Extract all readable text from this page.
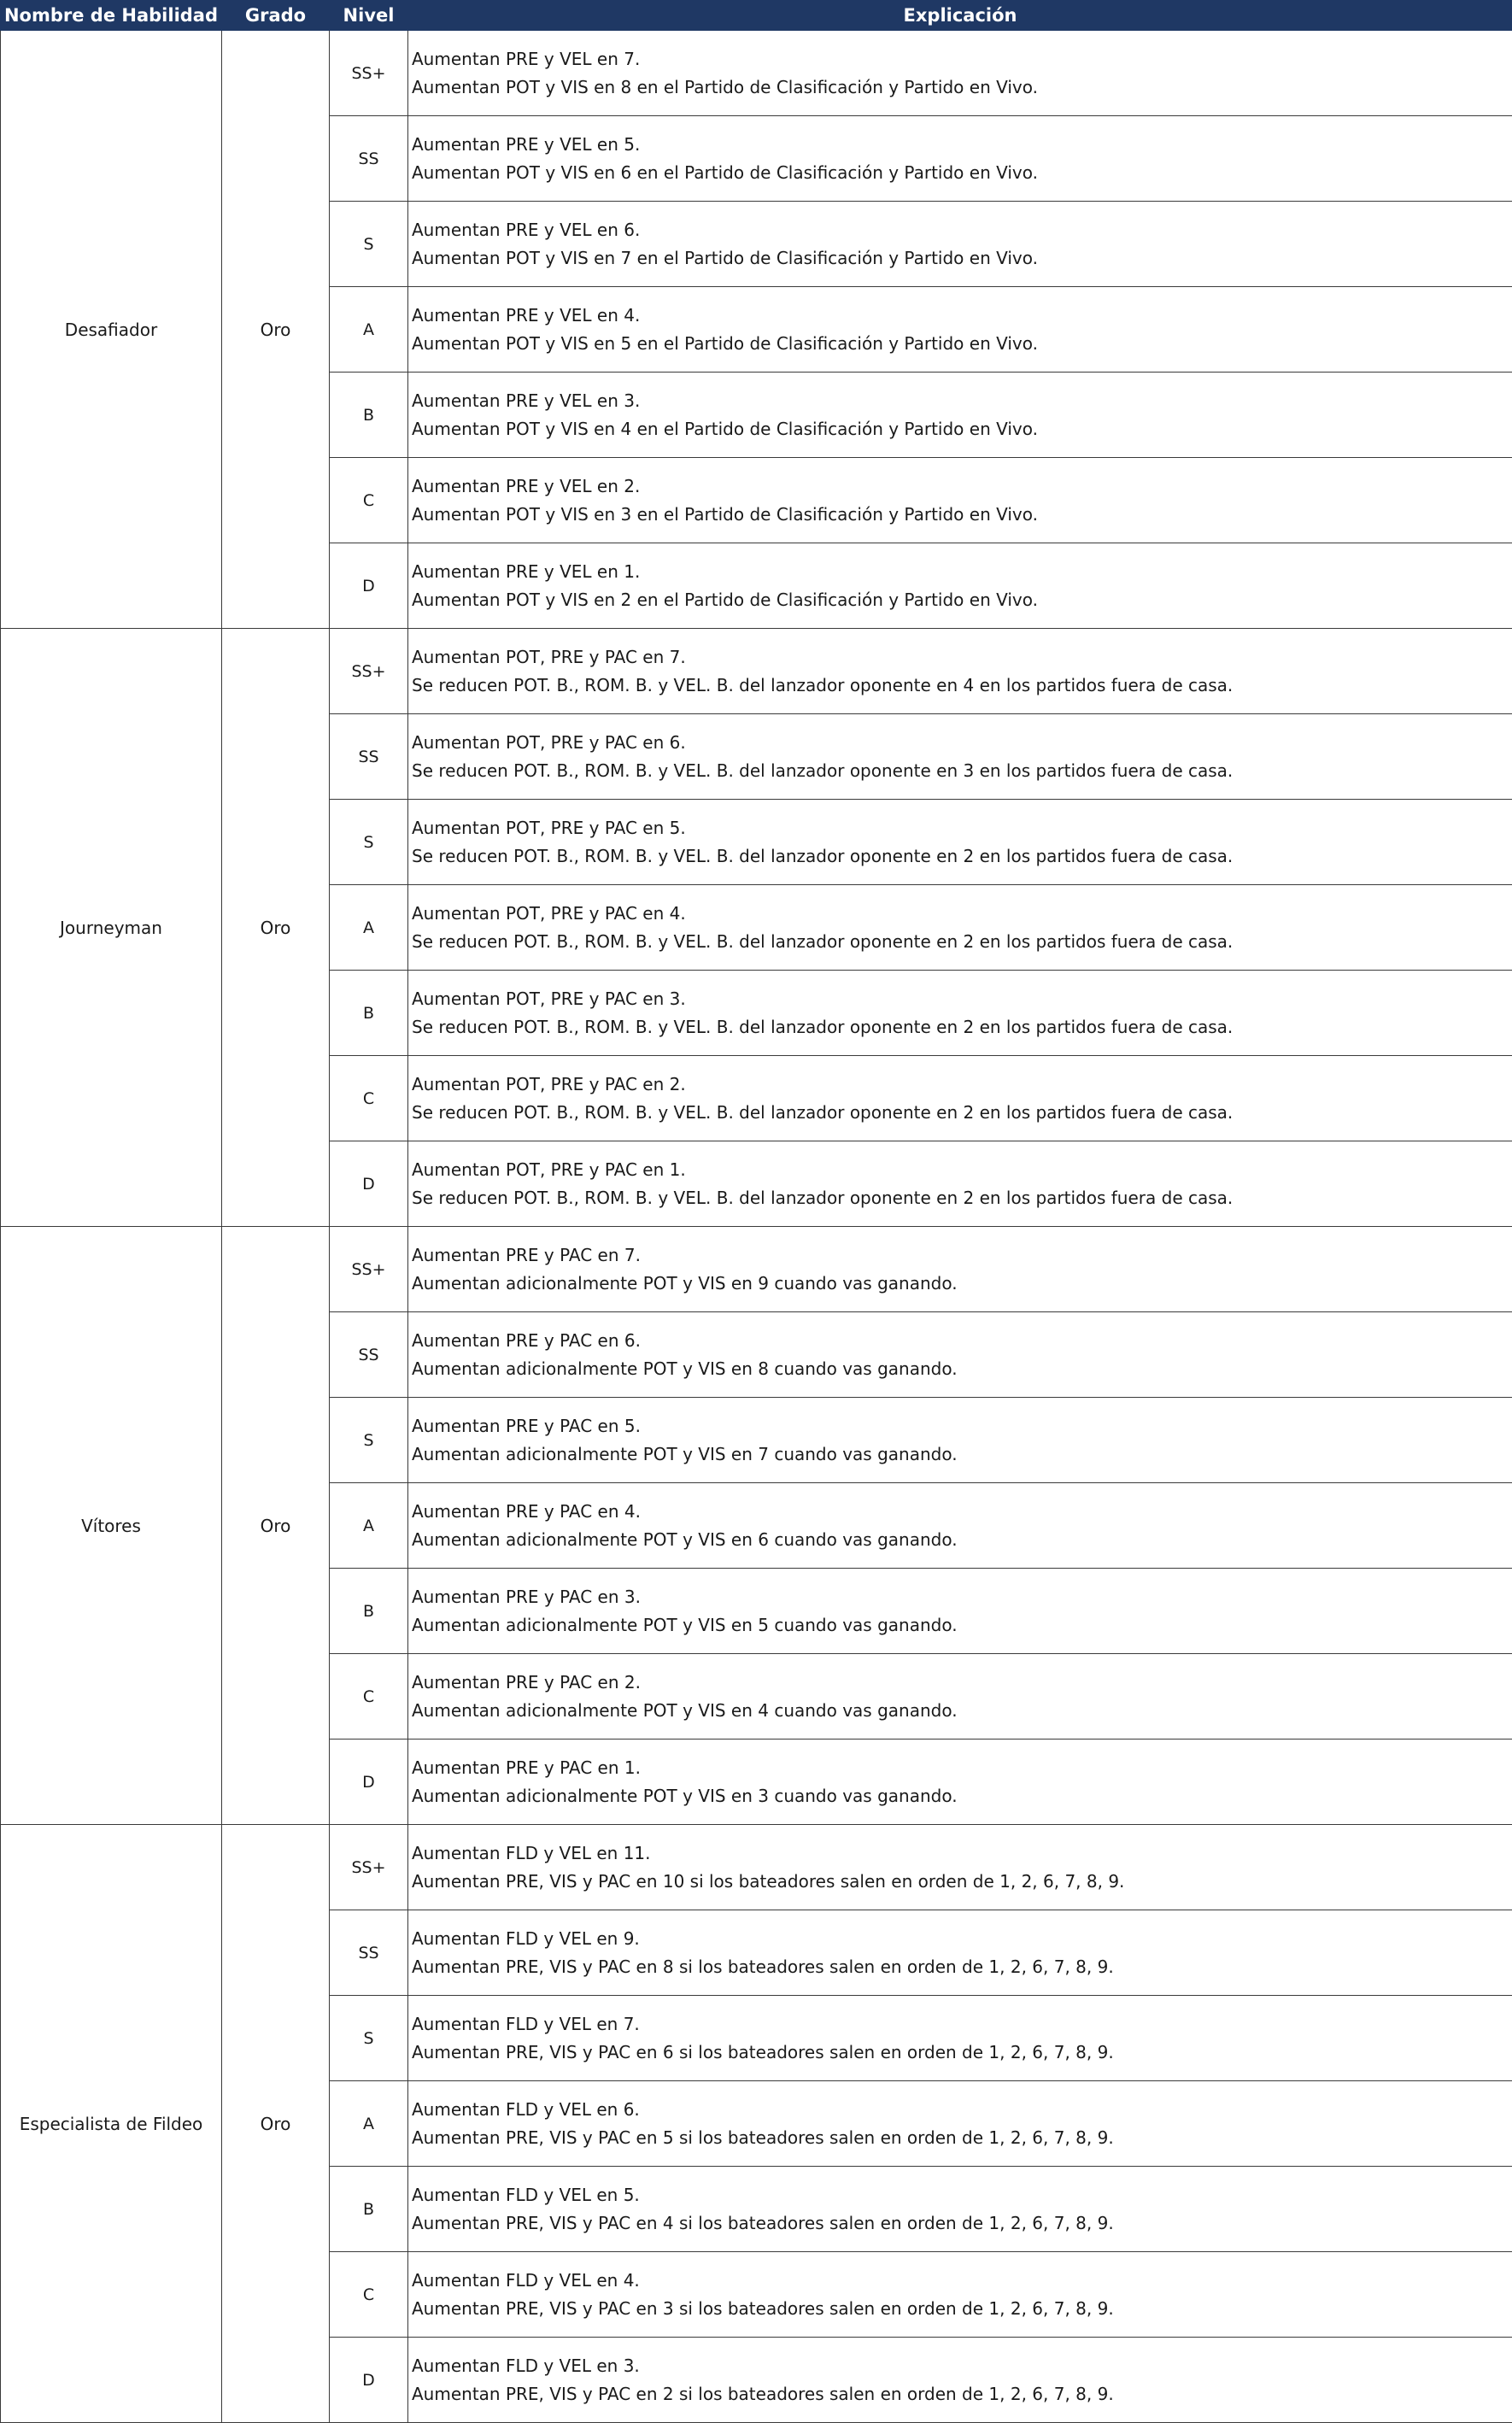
Nombre de Habilidad	Grado	Nivel	Explicación
Desafiador	Oro	SS+	Aumentan PRE y VEL en 7.
Aumentan POT y VIS en 8 en el Partido de Clasificación y Partido en Vivo.

		SS	Aumentan PRE y VEL en 5.
Aumentan POT y VIS en 6 en el Partido de Clasificación y Partido en Vivo.

		S	Aumentan PRE y VEL en 6.
Aumentan POT y VIS en 7 en el Partido de Clasificación y Partido en Vivo.

		A	Aumentan PRE y VEL en 4.
Aumentan POT y VIS en 5 en el Partido de Clasificación y Partido en Vivo.

		B	Aumentan PRE y VEL en 3.
Aumentan POT y VIS en 4 en el Partido de Clasificación y Partido en Vivo.

		C	Aumentan PRE y VEL en 2.
Aumentan POT y VIS en 3 en el Partido de Clasificación y Partido en Vivo.

		D	Aumentan PRE y VEL en 1.
Aumentan POT y VIS en 2 en el Partido de Clasificación y Partido en Vivo.

Journeyman	Oro	SS+	Aumentan POT, PRE y PAC en 7.
Se reducen POT. B., ROM. B. y VEL. B. del lanzador oponente en 4 en los partidos fuera de casa.

		SS	Aumentan POT, PRE y PAC en 6.
Se reducen POT. B., ROM. B. y VEL. B. del lanzador oponente en 3 en los partidos fuera de casa.

		S	Aumentan POT, PRE y PAC en 5.
Se reducen POT. B., ROM. B. y VEL. B. del lanzador oponente en 2 en los partidos fuera de casa.

		A	Aumentan POT, PRE y PAC en 4.
Se reducen POT. B., ROM. B. y VEL. B. del lanzador oponente en 2 en los partidos fuera de casa.

		B	Aumentan POT, PRE y PAC en 3.
Se reducen POT. B., ROM. B. y VEL. B. del lanzador oponente en 2 en los partidos fuera de casa.

		C	Aumentan POT, PRE y PAC en 2.
Se reducen POT. B., ROM. B. y VEL. B. del lanzador oponente en 2 en los partidos fuera de casa.

		D	Aumentan POT, PRE y PAC en 1.
Se reducen POT. B., ROM. B. y VEL. B. del lanzador oponente en 2 en los partidos fuera de casa.

Vítores	Oro	SS+	Aumentan PRE y PAC en 7.
Aumentan adicionalmente POT y VIS en 9 cuando vas ganando.

		SS	Aumentan PRE y PAC en 6.
Aumentan adicionalmente POT y VIS en 8 cuando vas ganando.

		S	Aumentan PRE y PAC en 5.
Aumentan adicionalmente POT y VIS en 7 cuando vas ganando.

		A	Aumentan PRE y PAC en 4.
Aumentan adicionalmente POT y VIS en 6 cuando vas ganando.

		B	Aumentan PRE y PAC en 3.
Aumentan adicionalmente POT y VIS en 5 cuando vas ganando.

		C	Aumentan PRE y PAC en 2.
Aumentan adicionalmente POT y VIS en 4 cuando vas ganando.

		D	Aumentan PRE y PAC en 1.
Aumentan adicionalmente POT y VIS en 3 cuando vas ganando.

Especialista de Fildeo	Oro	SS+	Aumentan FLD y VEL en 11.
Aumentan PRE, VIS y PAC en 10 si los bateadores salen en orden de 1, 2, 6, 7, 8, 9.

		SS	Aumentan FLD y VEL en 9.
Aumentan PRE, VIS y PAC en 8 si los bateadores salen en orden de 1, 2, 6, 7, 8, 9.

		S	Aumentan FLD y VEL en 7.
Aumentan PRE, VIS y PAC en 6 si los bateadores salen en orden de 1, 2, 6, 7, 8, 9.

		A	Aumentan FLD y VEL en 6.
Aumentan PRE, VIS y PAC en 5 si los bateadores salen en orden de 1, 2, 6, 7, 8, 9.

		B	Aumentan FLD y VEL en 5.
Aumentan PRE, VIS y PAC en 4 si los bateadores salen en orden de 1, 2, 6, 7, 8, 9.

		C	Aumentan FLD y VEL en 4.
Aumentan PRE, VIS y PAC en 3 si los bateadores salen en orden de 1, 2, 6, 7, 8, 9.

		D	Aumentan FLD y VEL en 3.
Aumentan PRE, VIS y PAC en 2 si los bateadores salen en orden de 1, 2, 6, 7, 8, 9.
